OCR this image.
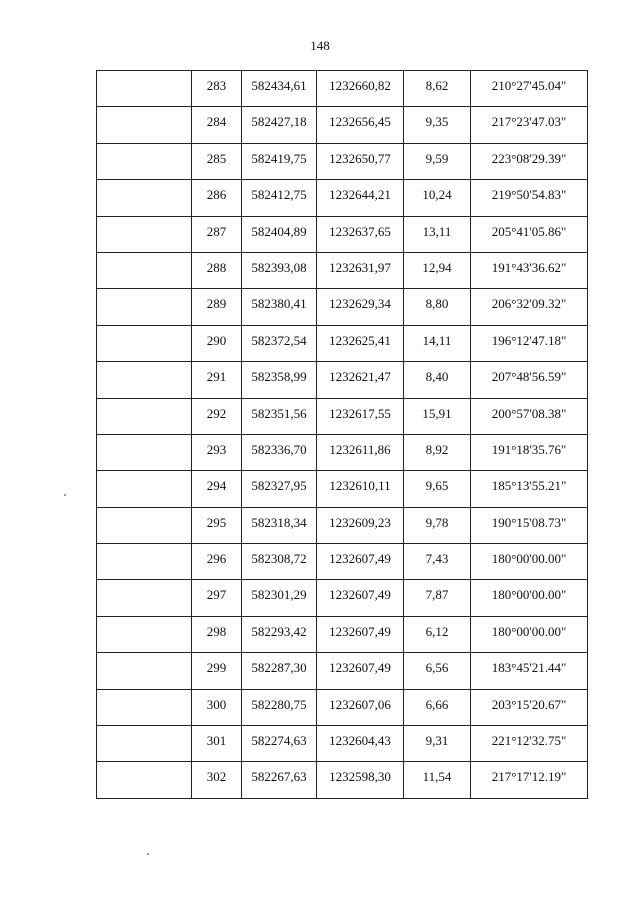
148
	283	582434,61	1232660,82	8,62	210°27'45.04"
	284	582427,18	1232656,45	9,35	217°23'47.03"
	285	582419,75	1232650,77	9,59	223°08'29.39"
	286	582412,75	1232644,21	10,24	219°50'54.83"
	287	582404,89	1232637,65	13,11	205°41'05.86"
	288	582393,08	1232631,97	12,94	191°43'36.62"
	289	582380,41	1232629,34	8,80	206°32'09.32"
	290	582372,54	1232625,41	14,11	196°12'47.18"
	291	582358,99	1232621,47	8,40	207°48'56.59"
	292	582351,56	1232617,55	15,91	200°57'08.38"
	293	582336,70	1232611,86	8,92	191°18'35.76"
	294	582327,95	1232610,11	9,65	185°13'55.21"
	295	582318,34	1232609,23	9,78	190°15'08.73"
	296	582308,72	1232607,49	7,43	180°00'00.00"
	297	582301,29	1232607,49	7,87	180°00'00.00"
	298	582293,42	1232607,49	6,12	180°00'00.00"
	299	582287,30	1232607,49	6,56	183°45'21.44"
	300	582280,75	1232607,06	6,66	203°15'20.67"
	301	582274,63	1232604,43	9,31	221°12'32.75"
	302	582267,63	1232598,30	11,54	217°17'12.19"
